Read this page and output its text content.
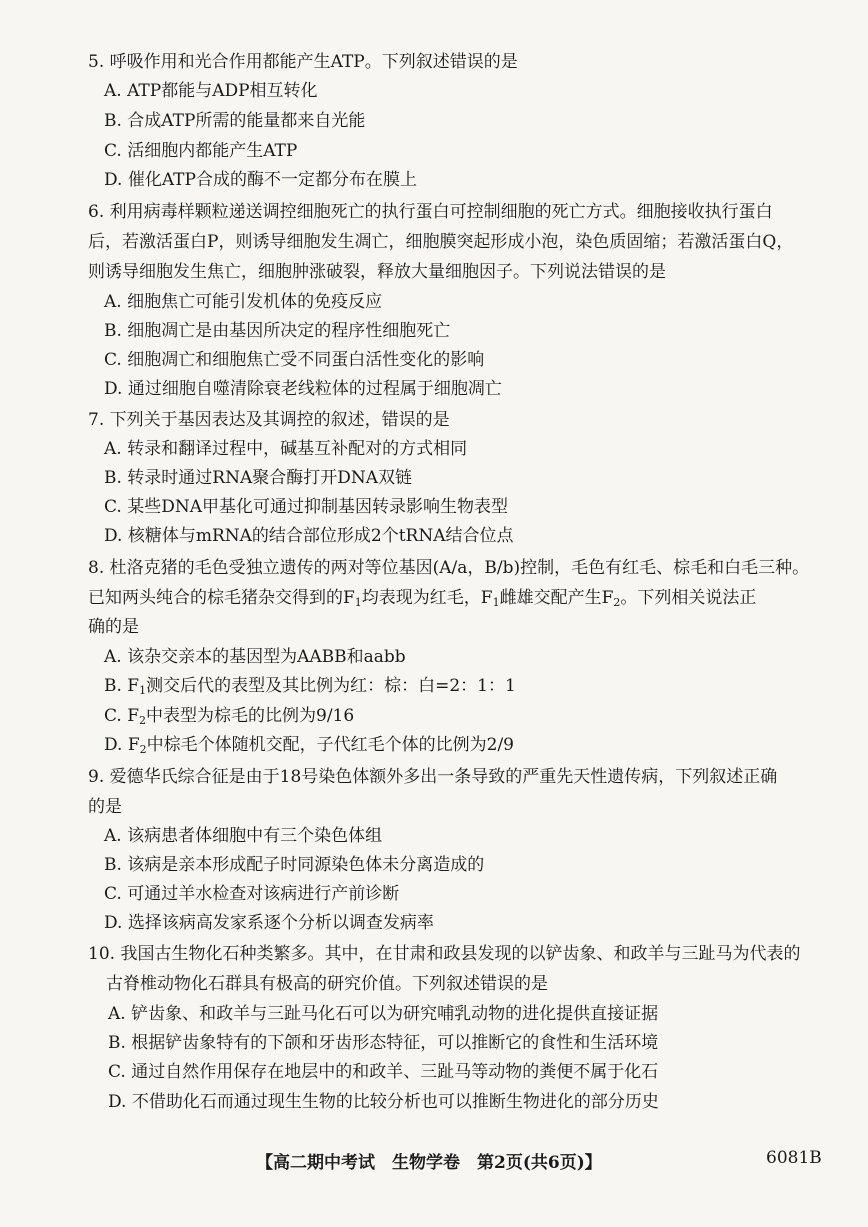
5. 呼吸作用和光合作用都能产生ATP。下列叙述错误的是
A. ATP都能与ADP相互转化
B. 合成ATP所需的能量都来自光能
C. 活细胞内都能产生ATP
D. 催化ATP合成的酶不一定都分布在膜上
6. 利用病毒样颗粒递送调控细胞死亡的执行蛋白可控制细胞的死亡方式。细胞接收执行蛋白
后，若激活蛋白P，则诱导细胞发生凋亡，细胞膜突起形成小泡，染色质固缩；若激活蛋白Q，
则诱导细胞发生焦亡，细胞肿涨破裂，释放大量细胞因子。下列说法错误的是
A. 细胞焦亡可能引发机体的免疫反应
B. 细胞凋亡是由基因所决定的程序性细胞死亡
C. 细胞凋亡和细胞焦亡受不同蛋白活性变化的影响
D. 通过细胞自噬清除衰老线粒体的过程属于细胞凋亡
7. 下列关于基因表达及其调控的叙述，错误的是
A. 转录和翻译过程中，碱基互补配对的方式相同
B. 转录时通过RNA聚合酶打开DNA双链
C. 某些DNA甲基化可通过抑制基因转录影响生物表型
D. 核糖体与mRNA的结合部位形成2个tRNA结合位点
8. 杜洛克猪的毛色受独立遗传的两对等位基因(A/a，B/b)控制，毛色有红毛、棕毛和白毛三种。
已知两头纯合的棕毛猪杂交得到的$F_1$均表现为红毛，$F_1$雌雄交配产生$F_2$。下列相关说法正
确的是
A. 该杂交亲本的基因型为AABB和aabb
B. $F_1$测交后代的表型及其比例为红：棕：白=2：1：1
C. $F_2$中表型为棕毛的比例为9/16
D. $F_2$中棕毛个体随机交配，子代红毛个体的比例为2/9
9. 爱德华氏综合征是由于18号染色体额外多出一条导致的严重先天性遗传病，下列叙述正确
的是
A. 该病患者体细胞中有三个染色体组
B. 该病是亲本形成配子时同源染色体未分离造成的
C. 可通过羊水检查对该病进行产前诊断
D. 选择该病高发家系逐个分析以调查发病率
10. 我国古生物化石种类繁多。其中，在甘肃和政县发现的以铲齿象、和政羊与三趾马为代表的
古脊椎动物化石群具有极高的研究价值。下列叙述错误的是
A. 铲齿象、和政羊与三趾马化石可以为研究哺乳动物的进化提供直接证据
B. 根据铲齿象特有的下颌和牙齿形态特征，可以推断它的食性和生活环境
C. 通过自然作用保存在地层中的和政羊、三趾马等动物的粪便不属于化石
D. 不借助化石而通过现生生物的比较分析也可以推断生物进化的部分历史
【高二期中考试　生物学卷　第2页(共6页)】	6081B
